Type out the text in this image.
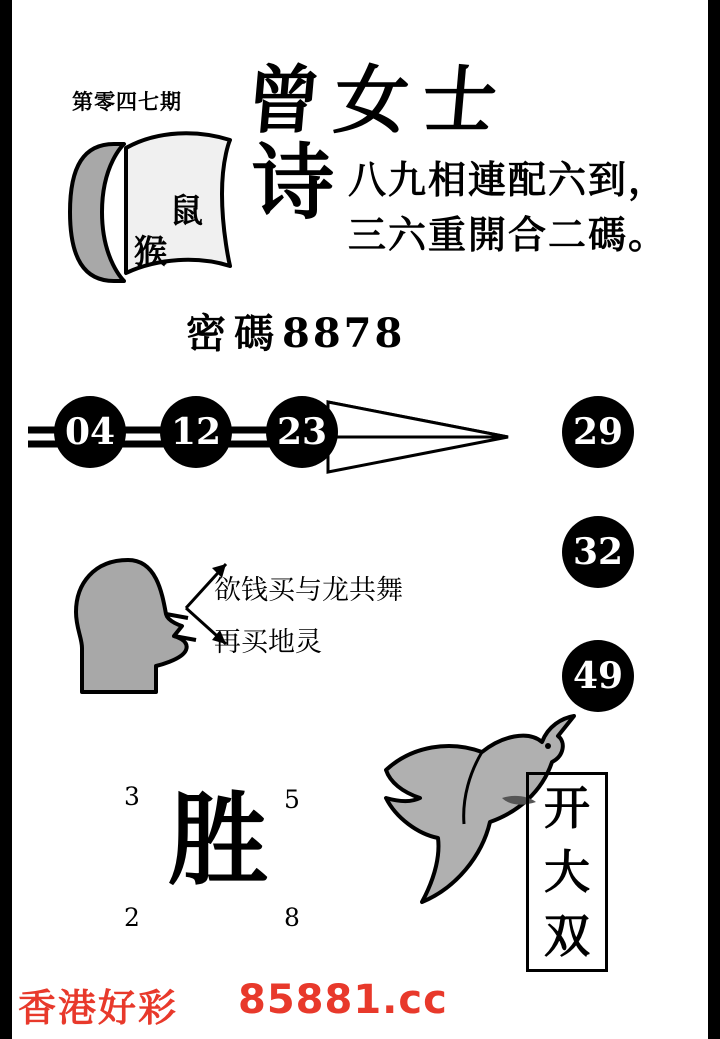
第零四七期 曾女士
鼠
猴
诗 八九相連配六到，
三六重開合二碼。
密碼8878
04	12	23	29
32
49
欲钱买与龙共舞
再买地灵
3	5
2	8
胜	开
大
双
香港好彩 85881.cc
